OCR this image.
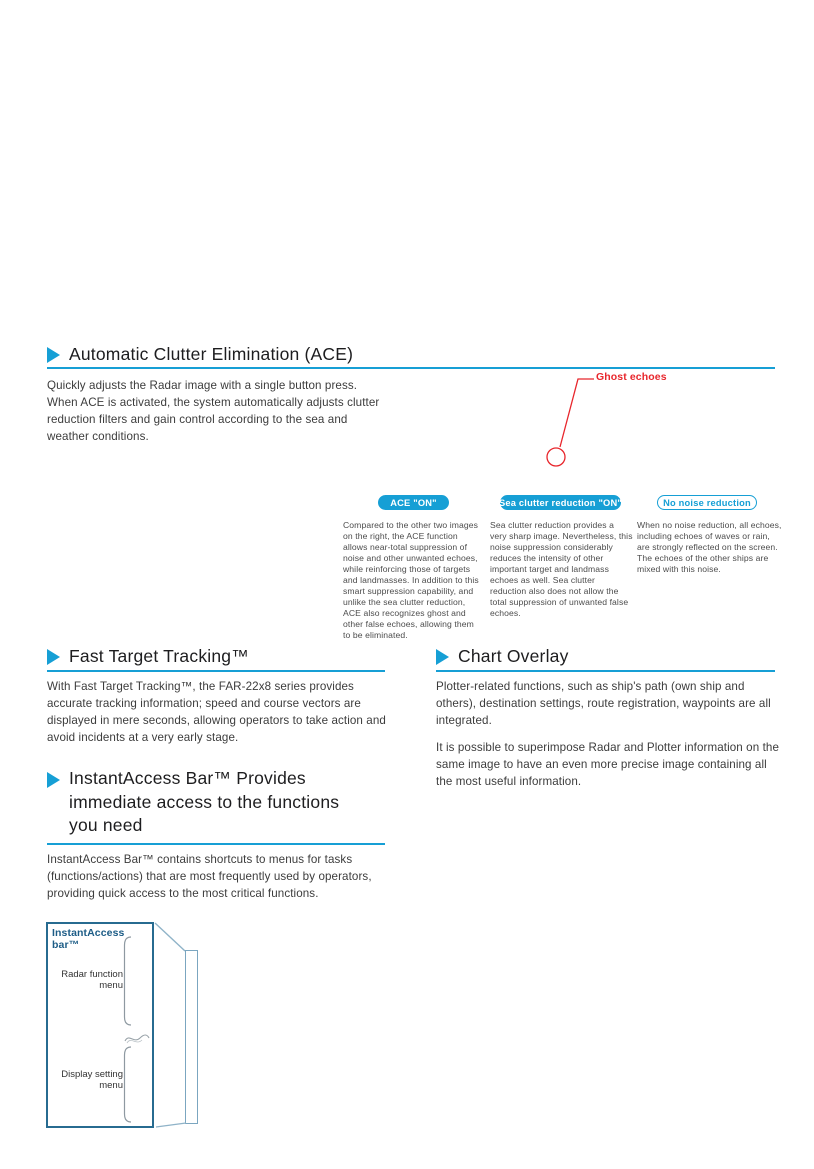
Automatic Clutter Elimination (ACE)
Quickly adjusts the Radar image with a single button press. When ACE is activated, the system automatically adjusts clutter reduction filters and gain control according to the sea and weather conditions.
Ghost echoes
ACE "ON"	Sea clutter reduction "ON"	No noise reduction
Compared to the other two images on the right, the ACE function allows near-total suppression of noise and other unwanted echoes, while reinforcing those of targets and landmasses. In addition to this smart suppression capability, and unlike the sea clutter reduction, ACE also recognizes ghost and other false echoes, allowing them to be eliminated.
Sea clutter reduction provides a very sharp image. Nevertheless, this noise suppression considerably reduces the intensity of other important target and landmass echoes as well. Sea clutter reduction also does not allow the total suppression of unwanted false echoes.
When no noise reduction, all echoes, including echoes of waves or rain, are strongly reflected on the screen. The echoes of the other ships are mixed with this noise.
Fast Target Tracking™
With Fast Target Tracking™, the FAR-22x8 series provides accurate tracking information; speed and course vectors are displayed in mere seconds, allowing operators to take action and avoid incidents at a very early stage.
Chart Overlay

Plotter-related functions, such as ship's path (own ship and others), destination settings, route registration, waypoints are all integrated.

It is possible to superimpose Radar and Plotter information on the same image to have an even more precise image containing all the most useful information.

InstantAccess Bar™ Provides
immediate access to the functions
you need
InstantAccess Bar™ contains shortcuts to menus for tasks (functions/actions) that are most frequently used by operators, providing quick access to the most critical functions.
InstantAccess bar™
Radar function menu
Display setting menu
